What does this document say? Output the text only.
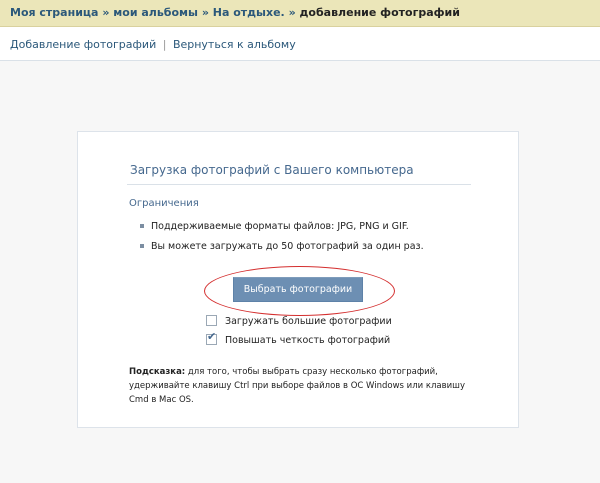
Моя страница » мои альбомы » На отдыхе. » добавление фотографий
Добавление фотографий | Вернуться к альбому
Загрузка фотографий с Вашего компьютера
Ограничения
Поддерживаемые форматы файлов: JPG, PNG и GIF.
Вы можете загружать до 50 фотографий за один раз.
Выбрать фотографии
Загружать большие фотографии
✔ Повышать четкость фотографий
Подсказка: для того, чтобы выбрать сразу несколько фотографий, удерживайте клавишу Ctrl при выборе файлов в ОС Windows или клавишу Cmd в Mac OS.
